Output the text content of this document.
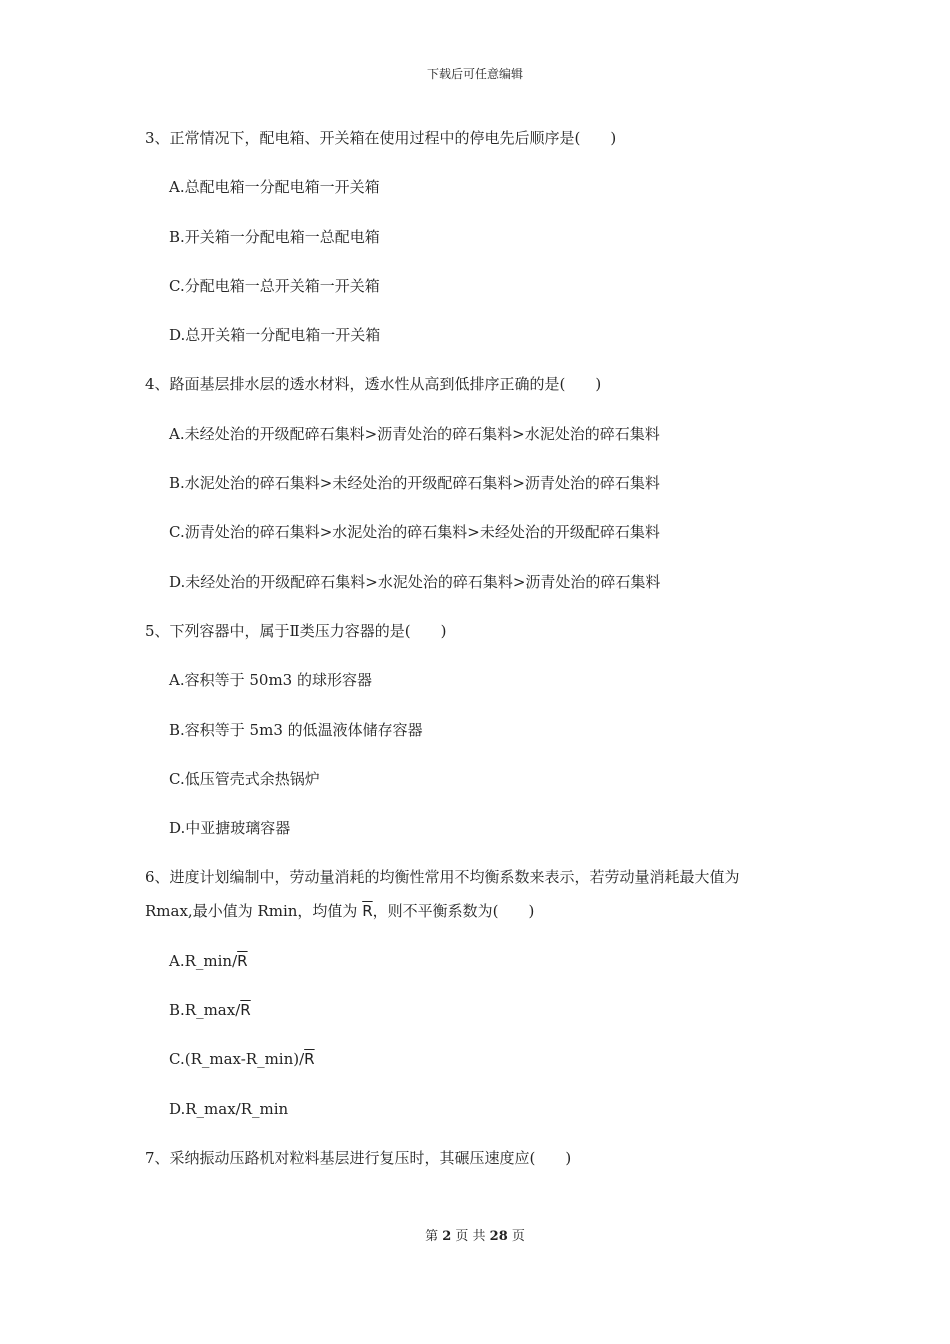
下载后可任意编辑

3、正常情况下，配电箱、开关箱在使用过程中的停电先后顺序是(　　)

A.总配电箱一分配电箱一开关箱

B.开关箱一分配电箱一总配电箱

C.分配电箱一总开关箱一开关箱

D.总开关箱一分配电箱一开关箱

4、路面基层排水层的透水材料，透水性从高到低排序正确的是(　　)

A.未经处治的开级配碎石集料>沥青处治的碎石集料>水泥处治的碎石集料

B.水泥处治的碎石集料>未经处治的开级配碎石集料>沥青处治的碎石集料

C.沥青处治的碎石集料>水泥处治的碎石集料>未经处治的开级配碎石集料

D.未经处治的开级配碎石集料>水泥处治的碎石集料>沥青处治的碎石集料

5、下列容器中，属于Ⅱ类压力容器的是(　　)

A.容积等于 50m3 的球形容器

B.容积等于 5m3 的低温液体储存容器

C.低压管壳式余热锅炉

D.中亚搪玻璃容器

6、进度计划编制中，劳动量消耗的均衡性常用不均衡系数来表示，若劳动量消耗最大值为

Rmax,最小值为 Rmin，均值为 $\overline{R}$，则不平衡系数为(　　)

$A.R\_\min/\overline{R}$

$B.R\_\max/\overline{R}$

$C.(R\_\max-R\_\min)/\overline{R}$

D.R_max/R_min

7、采纳振动压路机对粒料基层进行复压时，其碾压速度应(　　)

第 2 页 共 28 页
